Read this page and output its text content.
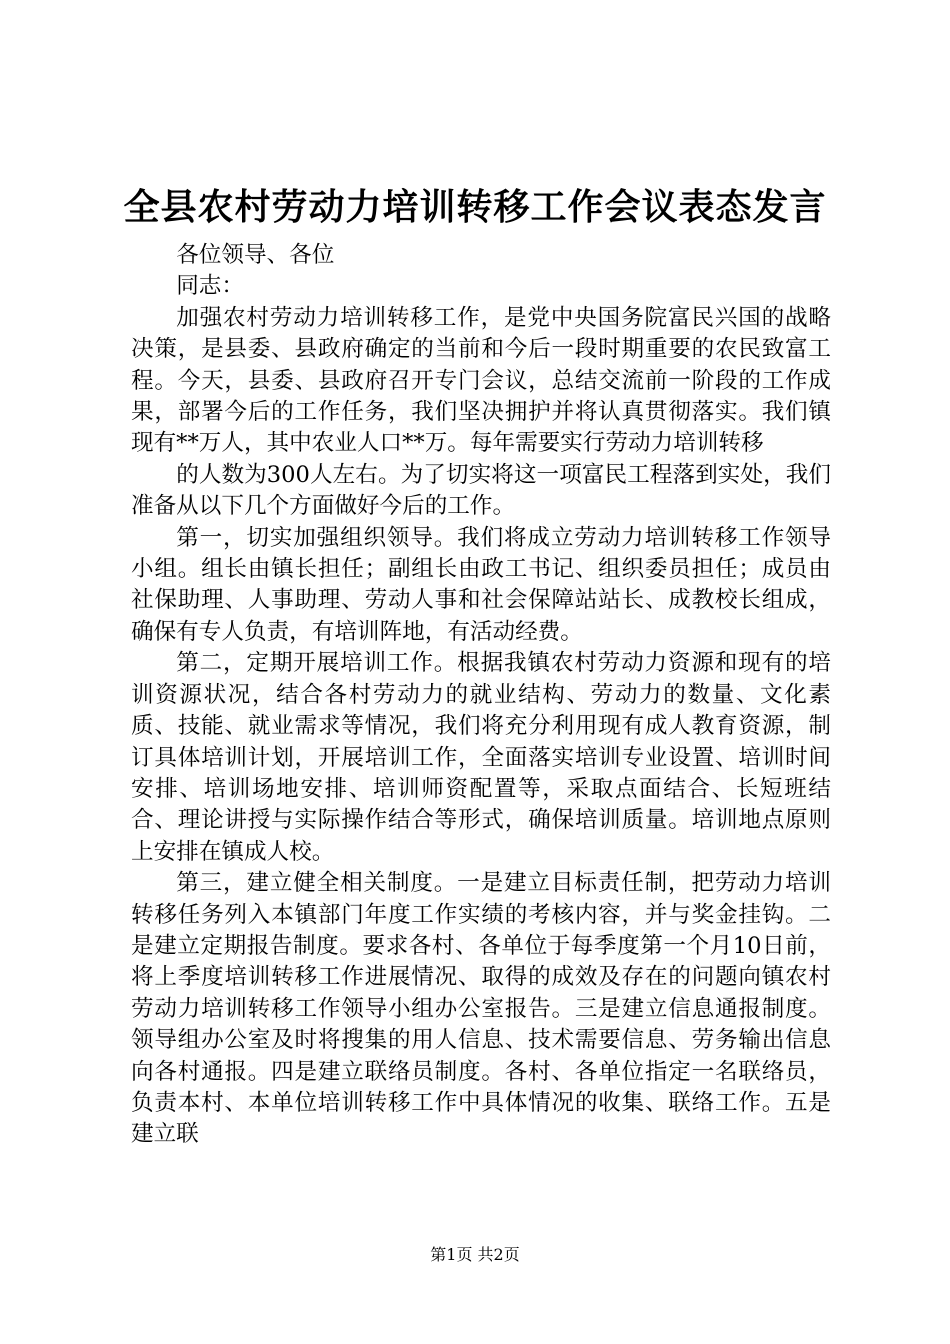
全县农村劳动力培训转移工作会议表态发言

各位领导、各位

同志：

加强农村劳动力培训转移工作，是党中央国务院富民兴国的战略决策，是县委、县政府确定的当前和今后一段时期重要的农民致富工程。今天，县委、县政府召开专门会议，总结交流前一阶段的工作成果，部署今后的工作任务，我们坚决拥护并将认真贯彻落实。我们镇现有**万人，其中农业人口**万。每年需要实行劳动力培训转移

的人数为300人左右。为了切实将这一项富民工程落到实处，我们准备从以下几个方面做好今后的工作。

第一，切实加强组织领导。我们将成立劳动力培训转移工作领导小组。组长由镇长担任；副组长由政工书记、组织委员担任；成员由社保助理、人事助理、劳动人事和社会保障站站长、成教校长组成，确保有专人负责，有培训阵地，有活动经费。

第二，定期开展培训工作。根据我镇农村劳动力资源和现有的培训资源状况，结合各村劳动力的就业结构、劳动力的数量、文化素质、技能、就业需求等情况，我们将充分利用现有成人教育资源，制订具体培训计划，开展培训工作，全面落实培训专业设置、培训时间安排、培训场地安排、培训师资配置等，采取点面结合、长短班结合、理论讲授与实际操作结合等形式，确保培训质量。培训地点原则上安排在镇成人校。

第三，建立健全相关制度。一是建立目标责任制，把劳动力培训转移任务列入本镇部门年度工作实绩的考核内容，并与奖金挂钩。二是建立定期报告制度。要求各村、各单位于每季度第一个月10日前，将上季度培训转移工作进展情况、取得的成效及存在的问题向镇农村劳动力培训转移工作领导小组办公室报告。三是建立信息通报制度。领导组办公室及时将搜集的用人信息、技术需要信息、劳务输出信息向各村通报。四是建立联络员制度。各村、各单位指定一名联络员，负责本村、本单位培训转移工作中具体情况的收集、联络工作。五是建立联

第1页 共2页
